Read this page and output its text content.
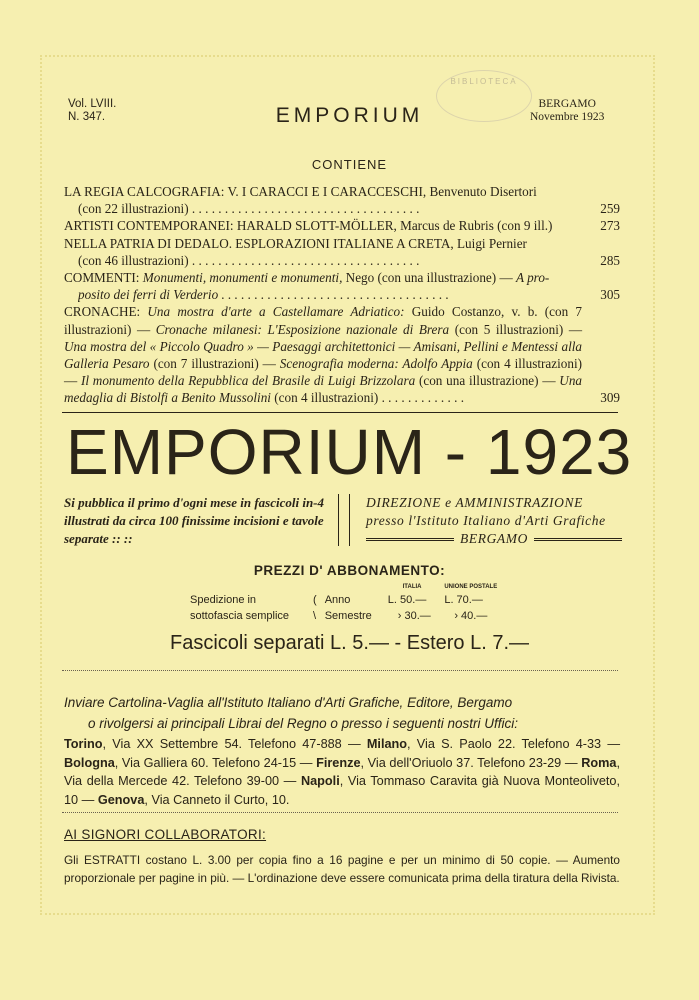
Vol. LVIII.
N. 347.	EMPORIUM
BIBLIOTECA
BERGAMO
Novembre 1923
CONTIENE
LA REGIA CALCOGRAFIA: V. I CARACCI E I CARACCESCHI, Benvenuto Disertori
(con 22 illustrazioni) . .	259
ARTISTI CONTEMPORANEI: HARALD SLOTT-MÖLLER, Marcus de Rubris (con 9 ill.)	273
NELLA PATRIA DI DEDALO. ESPLORAZIONI ITALIANE A CRETA, Luigi Pernier
(con 46 illustrazioni) . .	285
COMMENTI: Monumenti, monumenti e monumenti, Nego (con una illustrazione) — A pro-
posito dei ferri di Verderio . .	305
CRONACHE: Una mostra d'arte a Castellamare Adriatico: Guido Costanzo, v. b. (con 7 illustrazioni) — Cronache milanesi: L'Esposizione nazionale di Brera (con 5 illustrazioni) — Una mostra del « Piccolo Quadro » — Paesaggi architettonici — Amisani, Pellini e Mentessi alla Galleria Pesaro (con 7 illustrazioni) — Scenografia moderna: Adolfo Appia (con 4 illustrazioni) — Il monumento della Repubblica del Brasile di Luigi Brizzolara (con una illustrazione) — Una medaglia di Bistolfi a Benito Mussolini (con 4 illustrazioni) . . . . . . . . . . . . .	309
EMPORIUM - 1923
Si pubblica il primo d'ogni mese in fascicoli in-4 illustrati da circa 100 finissime incisioni e tavole separate :: ::
DIREZIONE e AMMINISTRAZIONE
presso l'Istituto Italiano d'Arti Grafiche
BERGAMO
PREZZI D' ABBONAMENTO:
			ITALIA	UNIONE POSTALE
Spedizione in	(	Anno	L. 50.—	L. 70.—
sottofascia semplice	\	Semestre	› 30.—	› 40.—
Fascicoli separati L. 5.— - Estero L. 7.—
Inviare Cartolina-Vaglia all'Istituto Italiano d'Arti Grafiche, Editore, Bergamo
o rivolgersi ai principali Librai del Regno o presso i seguenti nostri Uffici:
Torino, Via XX Settembre 54. Telefono 47-888 — Milano, Via S. Paolo 22. Telefono 4-33 — Bologna, Via Galliera 60. Telefono 24-15 — Firenze, Via dell'Oriuolo 37. Telefono 23-29 — Roma, Via della Mercede 42. Telefono 39-00 — Napoli, Via Tommaso Caravita già Nuova Monteoliveto, 10 — Genova, Via Canneto il Curto, 10.
AI SIGNORI COLLABORATORI:
Gli ESTRATTI costano L. 3.00 per copia fino a 16 pagine e per un minimo di 50 copie. — Aumento proporzionale per pagine in più. — L'ordinazione deve essere comunicata prima della tiratura della Rivista.
